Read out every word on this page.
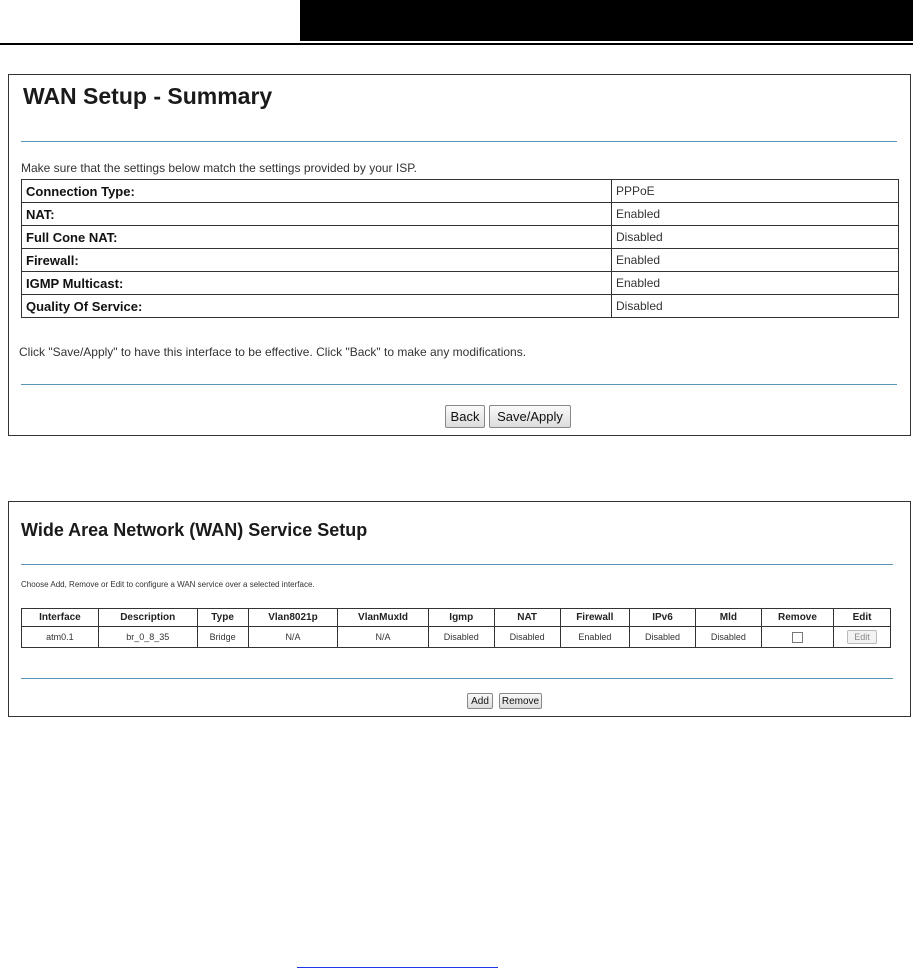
WAN Setup - Summary
Make sure that the settings below match the settings provided by your ISP.
Connection Type:	PPPoE
NAT:	Enabled
Full Cone NAT:	Disabled
Firewall:	Enabled
IGMP Multicast:	Enabled
Quality Of Service:	Disabled
Click "Save/Apply" to have this interface to be effective. Click "Back" to make any modifications.
Back	Save/Apply
Wide Area Network (WAN) Service Setup
Choose Add, Remove or Edit to configure a WAN service over a selected interface.
Interface	Description	Type	Vlan8021p	VlanMuxId	Igmp	NAT	Firewall	IPv6	Mld	Remove	Edit
atm0.1	br_0_8_35	Bridge	N/A	N/A	Disabled	Disabled	Enabled	Disabled	Disabled		Edit
Add	Remove
